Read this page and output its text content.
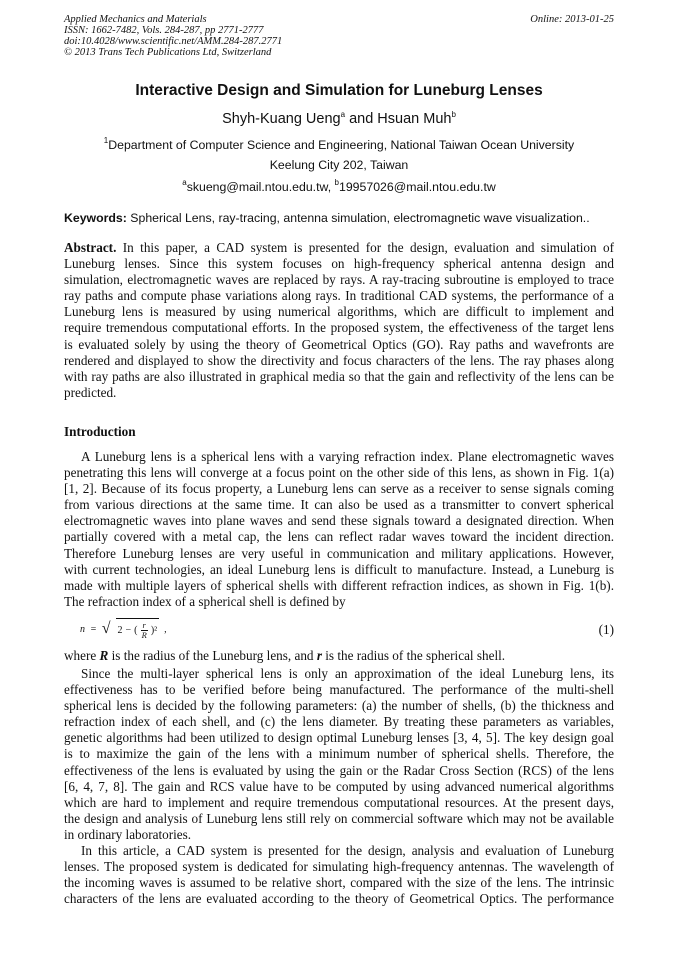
Applied Mechanics and Materials
ISSN: 1662-7482, Vols. 284-287, pp 2771-2777
doi:10.4028/www.scientific.net/AMM.284-287.2771
© 2013 Trans Tech Publications Ltd, Switzerland
Online: 2013-01-25
Interactive Design and Simulation for Luneburg Lenses
Shyh-Kuang Ueng$^a$ and Hsuan Muh$^b$
$^1$Department of Computer Science and Engineering, National Taiwan Ocean University
Keelung City 202, Taiwan
$^a$skueng@mail.ntou.edu.tw, $^b$19957026@mail.ntou.edu.tw
Keywords: Spherical Lens, ray-tracing, antenna simulation, electromagnetic wave visualization..
Abstract. In this paper, a CAD system is presented for the design, evaluation and simulation of
Luneburg lenses. Since this system focuses on high-frequency spherical antenna design and
simulation, electromagnetic waves are replaced by rays. A ray-tracing subroutine is employed to trace
ray paths and compute phase variations along rays. In traditional CAD systems, the performance of a
Luneburg lens is measured by using numerical algorithms, which are difficult to implement and
require tremendous computational efforts. In the proposed system, the effectiveness of the target lens
is evaluated solely by using the theory of Geometrical Optics (GO). Ray paths and wavefronts are
rendered and displayed to show the directivity and focus characters of the lens. The ray phases along
with ray paths are also illustrated in graphical media so that the gain and reflectivity of the lens can be
predicted.
Introduction
A Luneburg lens is a spherical lens with a varying refraction index. Plane electromagnetic waves
penetrating this lens will converge at a focus point on the other side of this lens, as shown in Fig. 1(a)
[1, 2]. Because of its focus property, a Luneburg lens can serve as a receiver to sense signals coming
from various directions at the same time. It can also be used as a transmitter to convert spherical
electromagnetic waves into plane waves and send these signals toward a designated direction. When
partially covered with a metal cap, the lens can reflect radar waves toward the incident direction.
Therefore Luneburg lenses are very useful in communication and military applications. However,
with current technologies, an ideal Luneburg lens is difficult to manufacture. Instead, a Luneburg is
made with multiple layers of spherical shells with different refraction indices, as shown in Fig. 1(b).
The refraction index of a spherical shell is defined by
n = √ 2 − ( $\frac{r}{R} )^2$ ,	(1)
where R is the radius of the Luneburg lens, and r is the radius of the spherical shell.
Since the multi-layer spherical lens is only an approximation of the ideal Luneburg lens, its
effectiveness has to be verified before being manufactured. The performance of the multi-shell
spherical lens is decided by the following parameters: (a) the number of shells, (b) the thickness and
refraction index of each shell, and (c) the lens diameter. By treating these parameters as variables,
genetic algorithms had been utilized to design optimal Luneburg lenses [3, 4, 5]. The key design goal
is to maximize the gain of the lens with a minimum number of spherical shells. Therefore, the
effectiveness of the lens is evaluated by using the gain or the Radar Cross Section (RCS) of the lens
[6, 4, 7, 8]. The gain and RCS value have to be computed by using advanced numerical algorithms
which are hard to implement and require tremendous computational resources. At the present days,
the design and analysis of Luneburg lens still rely on commercial software which may not be available
in ordinary laboratories.
In this article, a CAD system is presented for the design, analysis and evaluation of Luneburg
lenses. The proposed system is dedicated for simulating high-frequency antennas. The wavelength of
the incoming waves is assumed to be relative short, compared with the size of the lens. The intrinsic
characters of the lens are evaluated according to the theory of Geometrical Optics. The performance
